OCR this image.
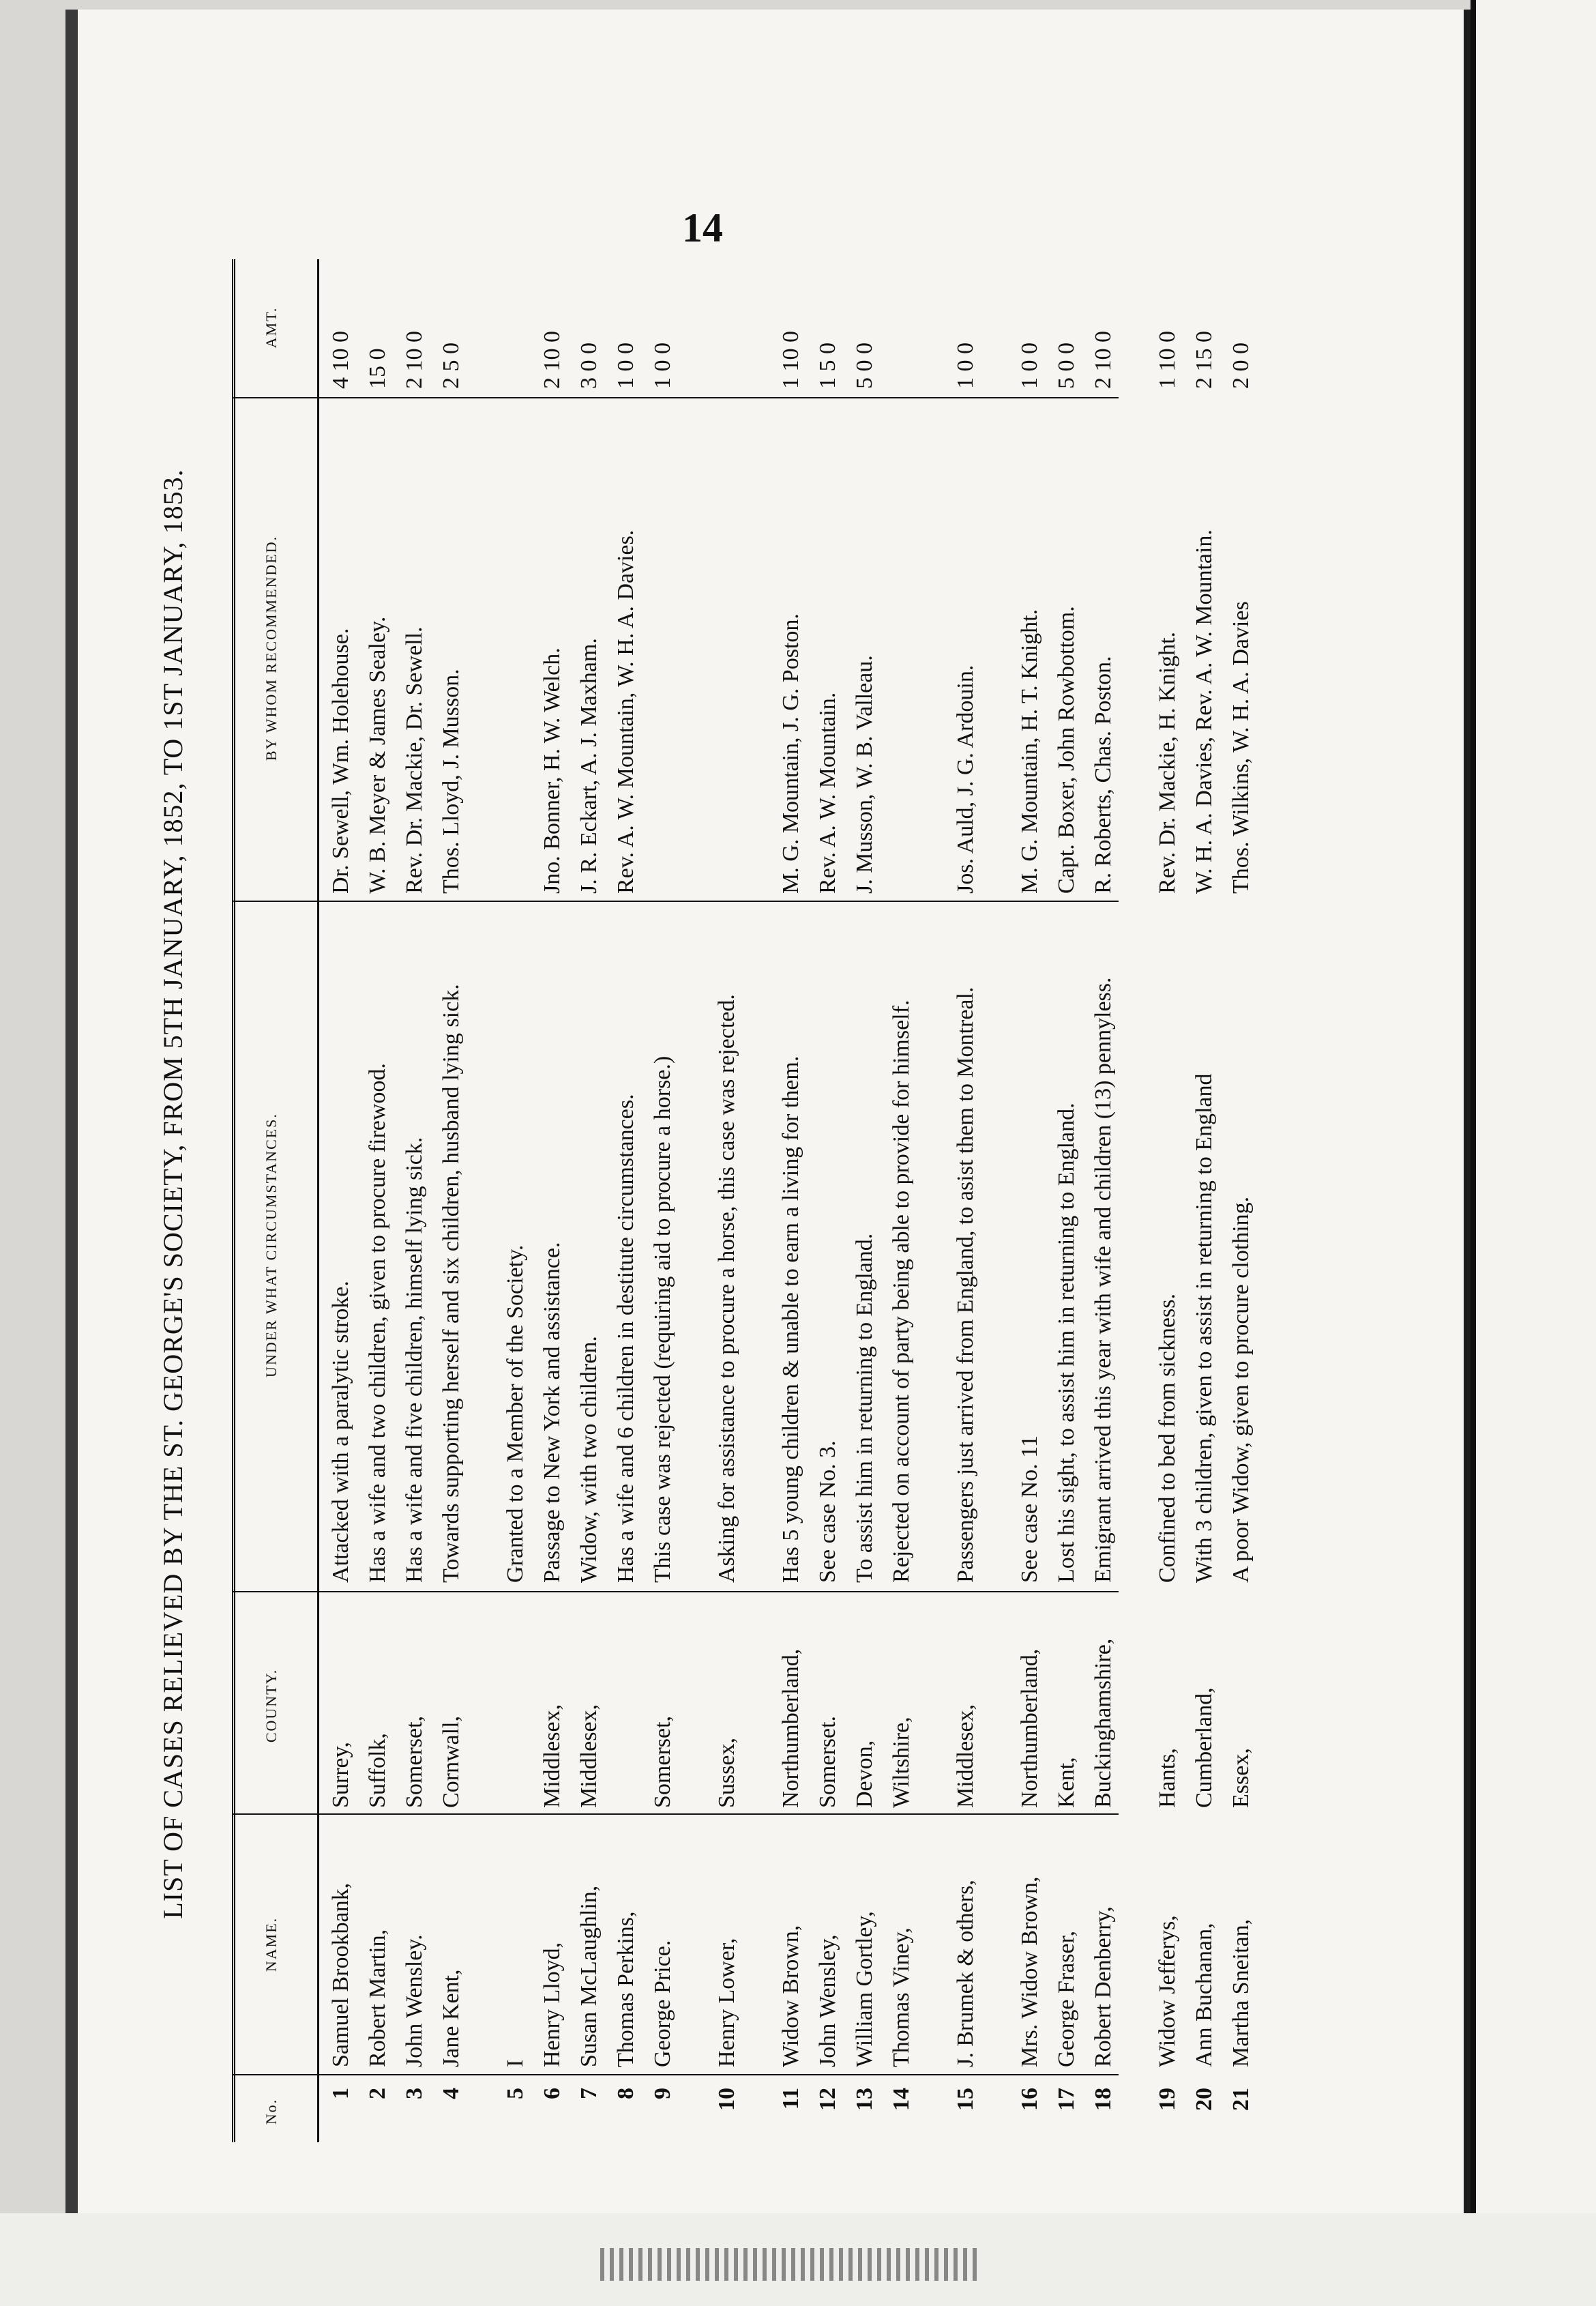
14
LIST OF CASES RELIEVED BY THE ST. GEORGE'S SOCIETY, FROM 5TH JANUARY, 1852, TO 1ST JANUARY, 1853.
No.
NAME.
COUNTY.
UNDER WHAT CIRCUMSTANCES.
BY WHOM RECOMMENDED.
AMT.
1
Samuel Brookbank,
Surrey,
Attacked with a paralytic stroke.
Dr. Sewell, Wm. Holehouse.
4 10 0
2
Robert Martin,
Suffolk,
Has a wife and two children, given to procure firewood.
W. B. Meyer & James Sealey.
15 0
3
John Wensley.
Somerset,
Has a wife and five children, himself lying sick.
Rev. Dr. Mackie, Dr. Sewell.
2 10 0
4
Jane Kent,
Cornwall,
Towards supporting herself and six children, husband lying sick.
Thos. Lloyd, J. Musson.
2 5 0
5
I
Granted to a Member of the Society.
6
Henry Lloyd,
Middlesex,
Passage to New York and assistance.
Jno. Bonner, H. W. Welch.
2 10 0
7
Susan McLaughlin,
Middlesex,
Widow, with two children.
J. R. Eckart, A. J. Maxham.
3 0 0
8
Thomas Perkins,
Has a wife and 6 children in destitute circumstances.
Rev. A. W. Mountain, W. H. A. Davies.
1 0 0
9
George Price.
Somerset,
This case was rejected (requiring aid to procure a horse.)
1 0 0
10
Henry Lower,
Sussex,
Asking for assistance to procure a horse, this case was rejected.
11
Widow Brown,
Northumberland,
Has 5 young children & unable to earn a living for them.
M. G. Mountain, J. G. Poston.
1 10 0
12
John Wensley,
Somerset.
See case No. 3.
Rev. A. W. Mountain.
1 5 0
13
William Gortley,
Devon,
To assist him in returning to England.
J. Musson, W. B. Valleau.
5 0 0
14
Thomas Viney,
Wiltshire,
Rejected on account of party being able to provide for himself.
15
J. Brumek & others,
Middlesex,
Passengers just arrived from England, to asist them to Montreal.
Jos. Auld, J. G. Ardouin.
1 0 0
16
Mrs. Widow Brown,
Northumberland,
See case No. 11
M. G. Mountain, H. T. Knight.
1 0 0
17
George Fraser,
Kent,
Lost his sight, to assist him in returning to England.
Capt. Boxer, John Rowbottom.
5 0 0
18
Robert Denberry,
Buckinghamshire,
Emigrant arrived this year with wife and children (13) pennyless.
R. Roberts, Chas. Poston.
2 10 0
19
Widow Jefferys,
Hants,
Confined to bed from sickness.
Rev. Dr. Mackie, H. Knight.
1 10 0
20
Ann Buchanan,
Cumberland,
With 3 children, given to assist in returning to England
W. H. A. Davies, Rev. A. W. Mountain.
2 15 0
21
Martha Sneitan,
Essex,
A poor Widow, given to procure clothing.
Thos. Wilkins, W. H. A. Davies
2 0 0
